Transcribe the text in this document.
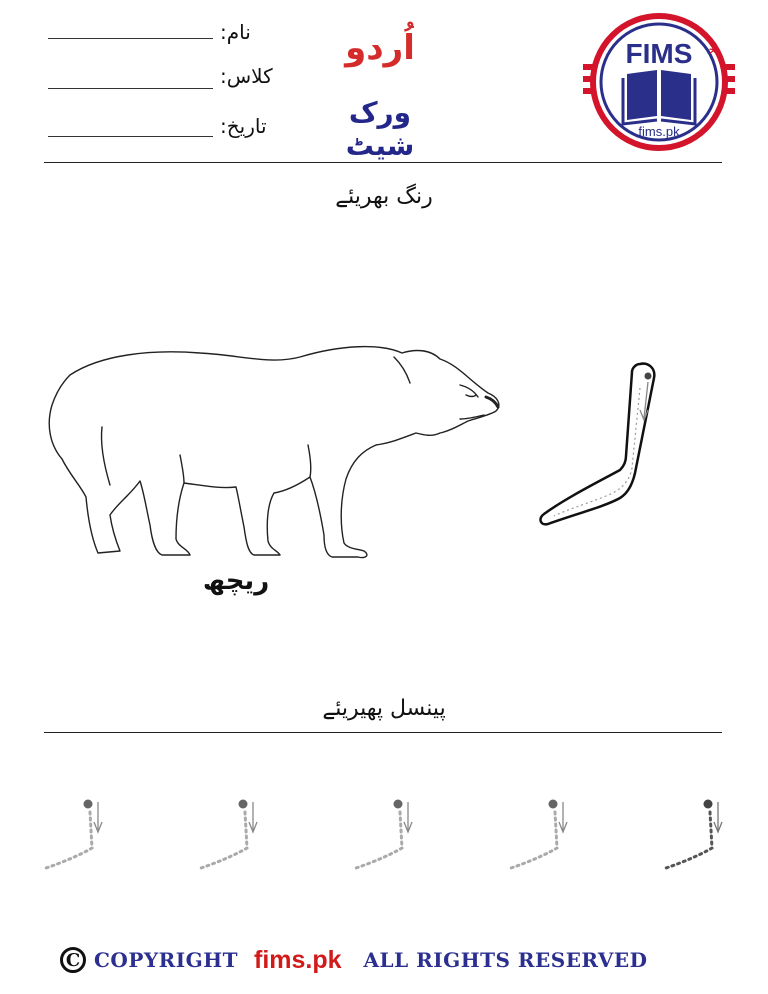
نام:
کلاس:
تاریخ:
اُردو
ورک شیٹ
FIMS	.PK
fims.pk
رنگ بھریئے
ریچھ
پینسل پھیریئے
C COPYRIGHT fims.pk ALL RIGHTS RESERVED
